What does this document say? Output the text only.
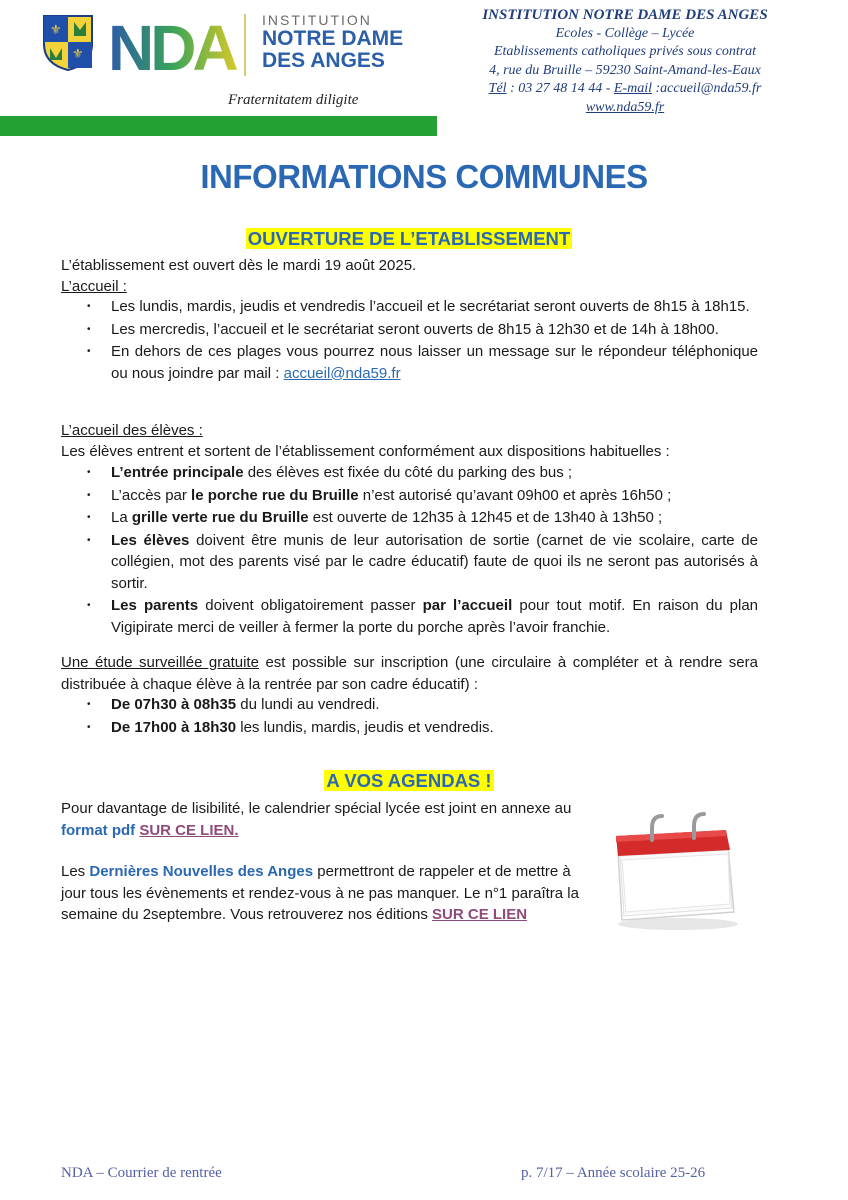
⚜
⚜ NDA INSTITUTION
NOTRE DAME
DES ANGES
Fraternitatem diligite
INSTITUTION NOTRE DAME DES ANGES
Ecoles - Collège – Lycée
Etablissements catholiques privés sous contrat
4, rue du Bruille – 59230 Saint-Amand-les-Eaux
Tél : 03 27 48 14 44 - E-mail :accueil@nda59.fr
www.nda59.fr
INFORMATIONS COMMUNES
OUVERTURE DE L’ETABLISSEMENT
L’établissement est ouvert dès le mardi 19 août 2025.
L’accueil :
• Les lundis, mardis, jeudis et vendredis l’accueil et le secrétariat seront ouverts de 8h15 à 18h15.
• Les mercredis, l’accueil et le secrétariat seront ouverts de 8h15 à 12h30 et de 14h à 18h00.
• En dehors de ces plages vous pourrez nous laisser un message sur le répondeur téléphonique ou nous joindre par mail : accueil@nda59.fr
L’accueil des élèves :
Les élèves entrent et sortent de l’établissement conformément aux dispositions habituelles :
• L’entrée principale des élèves est fixée du côté du parking des bus ;
• L’accès par le porche rue du Bruille n’est autorisé qu’avant 09h00 et après 16h50 ;
• La grille verte rue du Bruille est ouverte de 12h35 à 12h45 et de 13h40 à 13h50 ;
• Les élèves doivent être munis de leur autorisation de sortie (carnet de vie scolaire, carte de collégien, mot des parents visé par le cadre éducatif) faute de quoi ils ne seront pas autorisés à sortir.
• Les parents doivent obligatoirement passer par l’accueil pour tout motif. En raison du plan Vigipirate merci de veiller à fermer la porte du porche après l’avoir franchie.
Une étude surveillée gratuite est possible sur inscription (une circulaire à compléter et à rendre sera distribuée à chaque élève à la rentrée par son cadre éducatif) :
• De 07h30 à 08h35 du lundi au vendredi.
• De 17h00 à 18h30 les lundis, mardis, jeudis et vendredis.
A VOS AGENDAS !
Pour davantage de lisibilité, le calendrier spécial lycée est joint en annexe au format pdf SUR CE LIEN.
Les Dernières Nouvelles des Anges permettront de rappeler et de mettre à jour tous les évènements et rendez-vous à ne pas manquer. Le n°1 paraîtra la semaine du 2septembre. Vous retrouverez nos éditions SUR CE LIEN
NDA – Courrier de rentrée	p. 7/17 – Année scolaire 25-26
